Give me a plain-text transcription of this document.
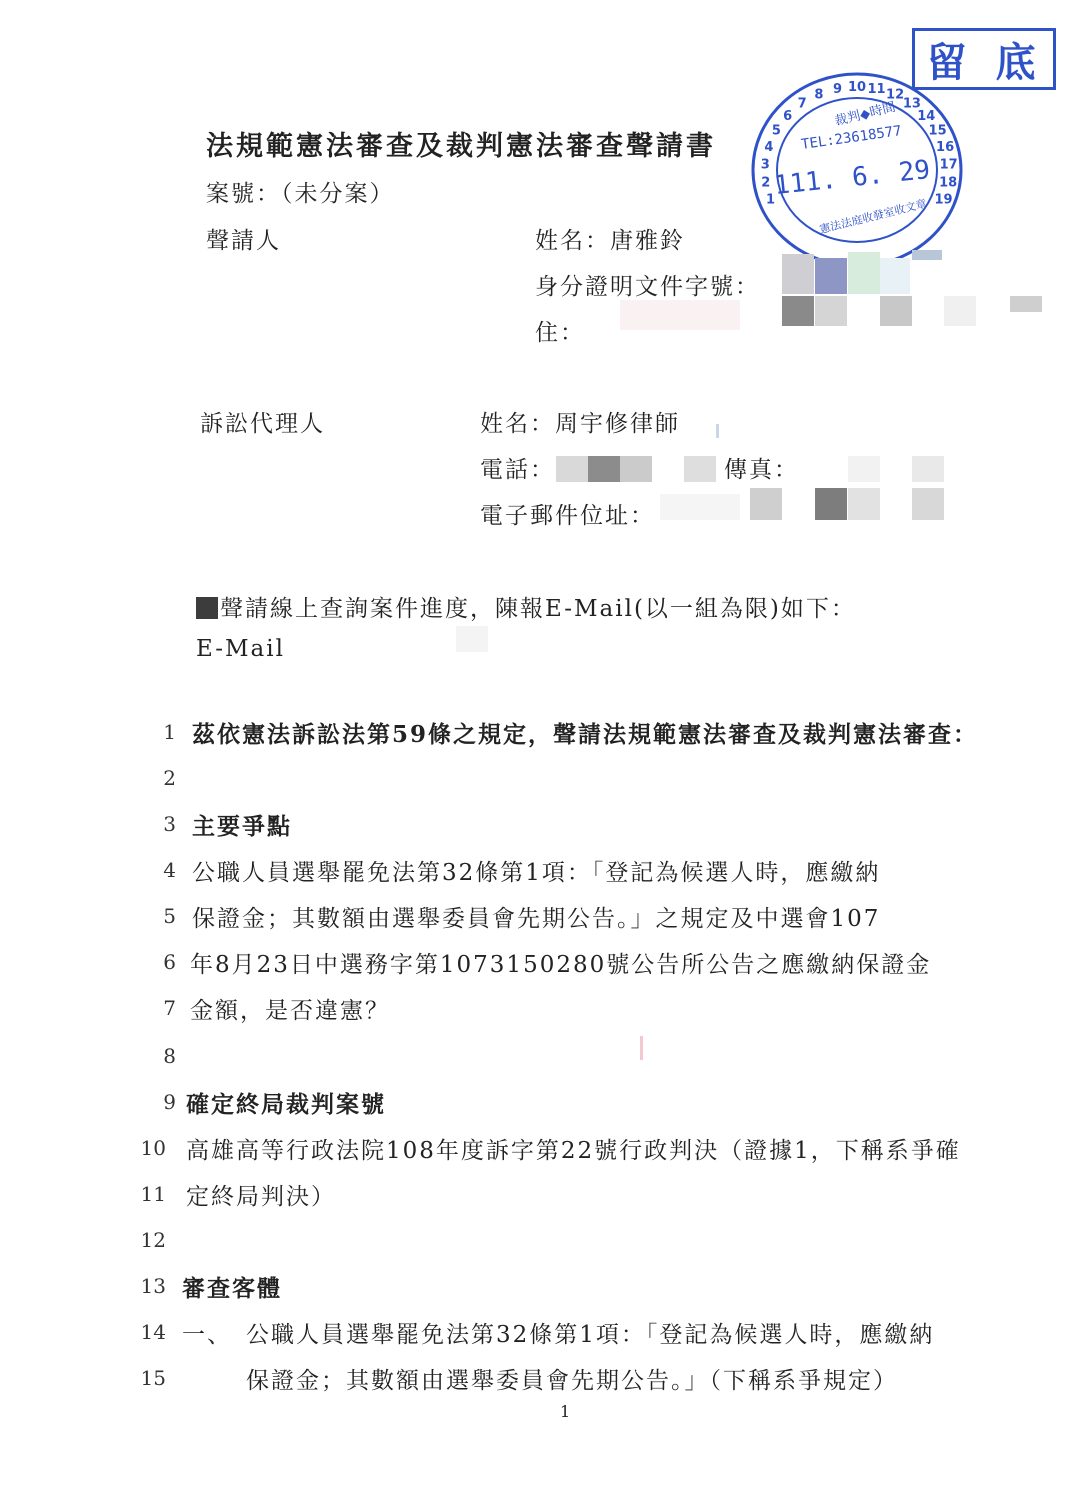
留 底
1
2
3
4
5
6
7
8 9 10 11 12
13
14
15
16
17
18
19
裁判◆時間
TEL:23618577
111. 6. 29
憲法法庭收發室收文章
法規範憲法審查及裁判憲法審查聲請書
案號：（未分案）
聲請人	姓名：唐雅鈴
身分證明文件字號：
住：
訴訟代理人	姓名：周宇修律師
電話：	傳真：
電子郵件位址：
聲請線上查詢案件進度，陳報E-Mail(以一組為限)如下：
E-Mail
1 茲依憲法訴訟法第59條之規定，聲請法規範憲法審查及裁判憲法審查：
2
3 主要爭點
4 公職人員選舉罷免法第32條第1項：「登記為候選人時，應繳納
5 保證金；其數額由選舉委員會先期公告。」之規定及中選會107
6 年8月23日中選務字第1073150280號公告所公告之應繳納保證金
7 金額，是否違憲？
8
9 確定終局裁判案號
10 高雄高等行政法院108年度訴字第22號行政判決（證據1，下稱系爭確
11 定終局判決）
12
13 審查客體
14 一、 公職人員選舉罷免法第32條第1項：「登記為候選人時，應繳納
15	保證金；其數額由選舉委員會先期公告。」（下稱系爭規定）
1
